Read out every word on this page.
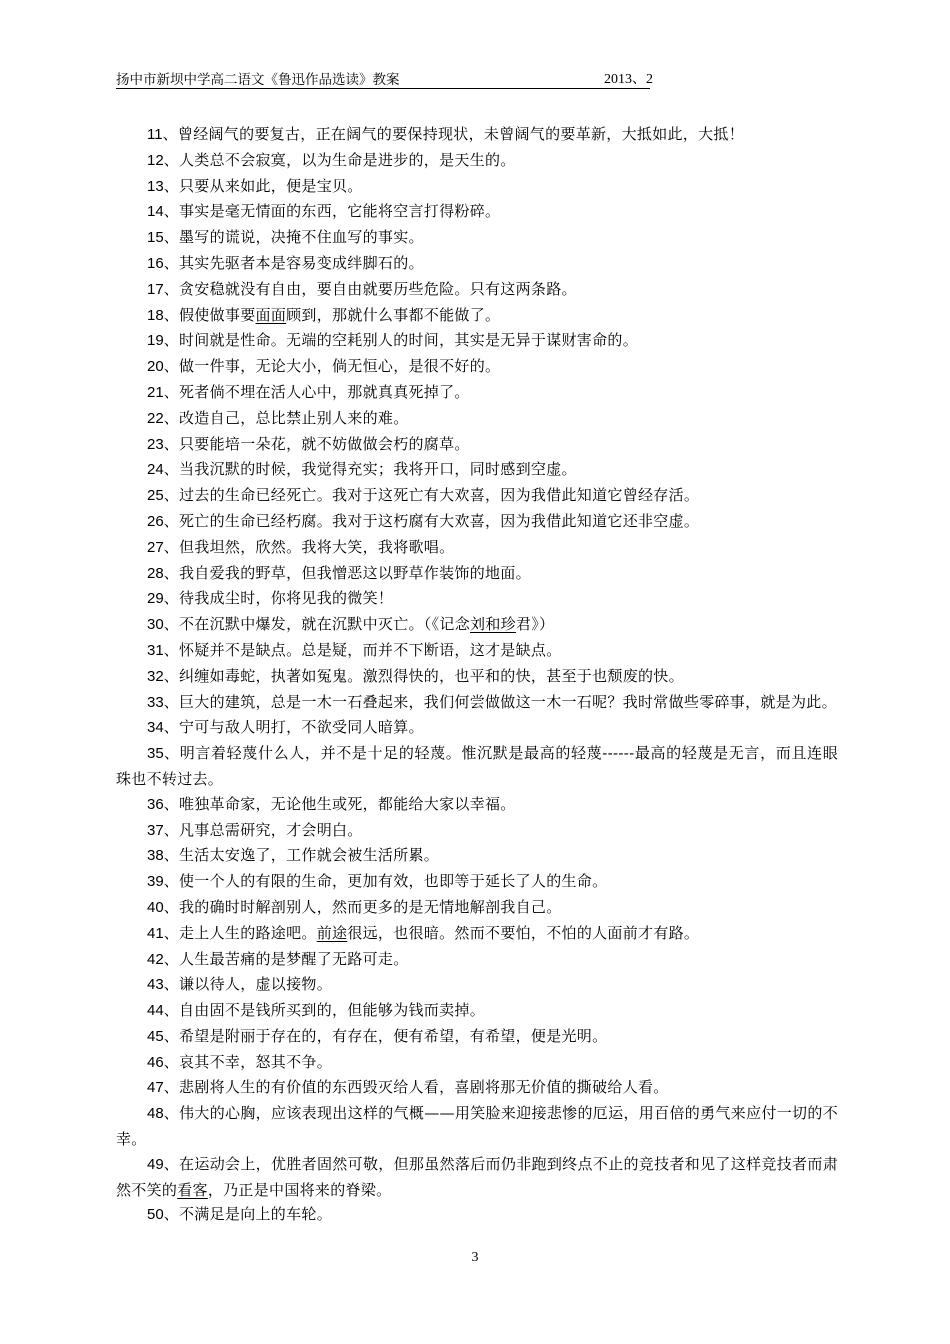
扬中市新坝中学高二语文《鲁迅作品选读》教案	2013、2
11、曾经阔气的要复古，正在阔气的要保持现状，未曾阔气的要革新，大抵如此，大抵！
12、人类总不会寂寞，以为生命是进步的，是天生的。
13、只要从来如此，便是宝贝。
14、事实是毫无情面的东西，它能将空言打得粉碎。
15、墨写的谎说，决掩不住血写的事实。
16、其实先驱者本是容易变成绊脚石的。
17、贪安稳就没有自由，要自由就要历些危险。只有这两条路。
18、假使做事要面面顾到，那就什么事都不能做了。
19、时间就是性命。无端的空耗别人的时间，其实是无异于谋财害命的。
20、做一件事，无论大小，倘无恒心，是很不好的。
21、死者倘不埋在活人心中，那就真真死掉了。
22、改造自己，总比禁止别人来的难。
23、只要能培一朵花，就不妨做做会朽的腐草。
24、当我沉默的时候，我觉得充实；我将开口，同时感到空虚。
25、过去的生命已经死亡。我对于这死亡有大欢喜，因为我借此知道它曾经存活。
26、死亡的生命已经朽腐。我对于这朽腐有大欢喜，因为我借此知道它还非空虚。
27、但我坦然，欣然。我将大笑，我将歌唱。
28、我自爱我的野草，但我憎恶这以野草作装饰的地面。
29、待我成尘时，你将见我的微笑！
30、不在沉默中爆发，就在沉默中灭亡。（《记念刘和珍君》）
31、怀疑并不是缺点。总是疑，而并不下断语，这才是缺点。
32、纠缠如毒蛇，执著如冤鬼。激烈得快的，也平和的快，甚至于也颓废的快。
33、巨大的建筑，总是一木一石叠起来，我们何尝做做这一木一石呢？我时常做些零碎事，就是为此。
34、宁可与敌人明打，不欲受同人暗算。
35、明言着轻蔑什么人，并不是十足的轻蔑。惟沉默是最高的轻蔑------最高的轻蔑是无言，而且连眼珠也不转过去。
36、唯独革命家，无论他生或死，都能给大家以幸福。
37、凡事总需研究，才会明白。
38、生活太安逸了，工作就会被生活所累。
39、使一个人的有限的生命，更加有效，也即等于延长了人的生命。
40、我的确时时解剖别人，然而更多的是无情地解剖我自己。
41、走上人生的路途吧。前途很远，也很暗。然而不要怕，不怕的人面前才有路。
42、人生最苦痛的是梦醒了无路可走。
43、谦以待人，虚以接物。
44、自由固不是钱所买到的，但能够为钱而卖掉。
45、希望是附丽于存在的，有存在，便有希望，有希望，便是光明。
46、哀其不幸，怒其不争。
47、悲剧将人生的有价值的东西毁灭给人看，喜剧将那无价值的撕破给人看。
48、伟大的心胸，应该表现出这样的气概——用笑脸来迎接悲惨的厄运，用百倍的勇气来应付一切的不幸。
49、在运动会上，优胜者固然可敬，但那虽然落后而仍非跑到终点不止的竞技者和见了这样竞技者而肃然不笑的看客，乃正是中国将来的脊梁。
50、不满足是向上的车轮。
3
